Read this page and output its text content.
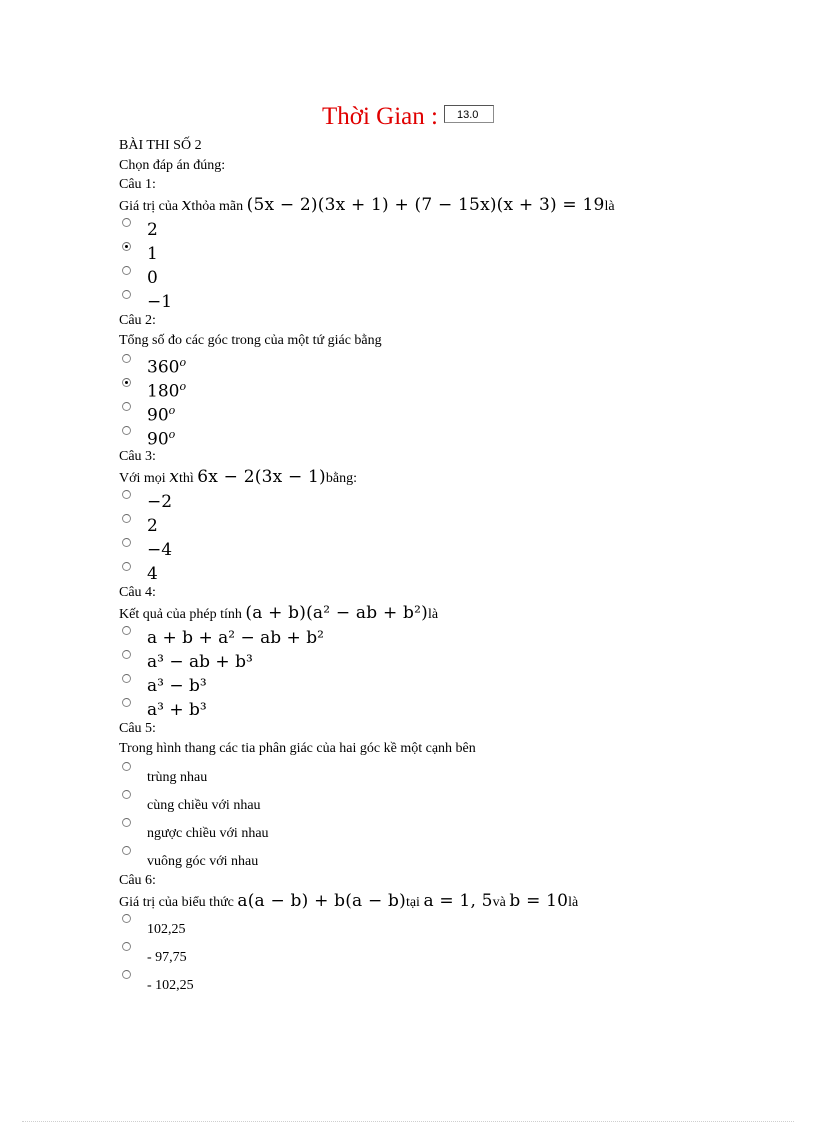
Thời Gian : 13.0
BÀI THI SỐ 2
Chọn đáp án đúng:
Câu 1:
Giá trị của xthỏa mãn (5x − 2)(3x + 1) + (7 − 15x)(x + 3) = 19là
2
1
0
−1
Câu 2:
Tổng số đo các góc trong của một tứ giác bằng
360$^o$
180$^o$
90$^o$
90$^o$
Câu 3:
Với mọi xthì 6x − 2(3x − 1)bằng:
−2
2
−4
4
Câu 4:
Kết quả của phép tính (a + b)(a² − ab + b²)là
a + b + a² − ab + b²
a³ − ab + b³
a³ − b³
a³ + b³
Câu 5:
Trong hình thang các tia phân giác của hai góc kề một cạnh bên
trùng nhau
cùng chiều với nhau
ngược chiều với nhau
vuông góc với nhau
Câu 6:
Giá trị của biểu thức a(a − b) + b(a − b)tại a = 1, 5và b = 10là
102,25
- 97,75
- 102,25
